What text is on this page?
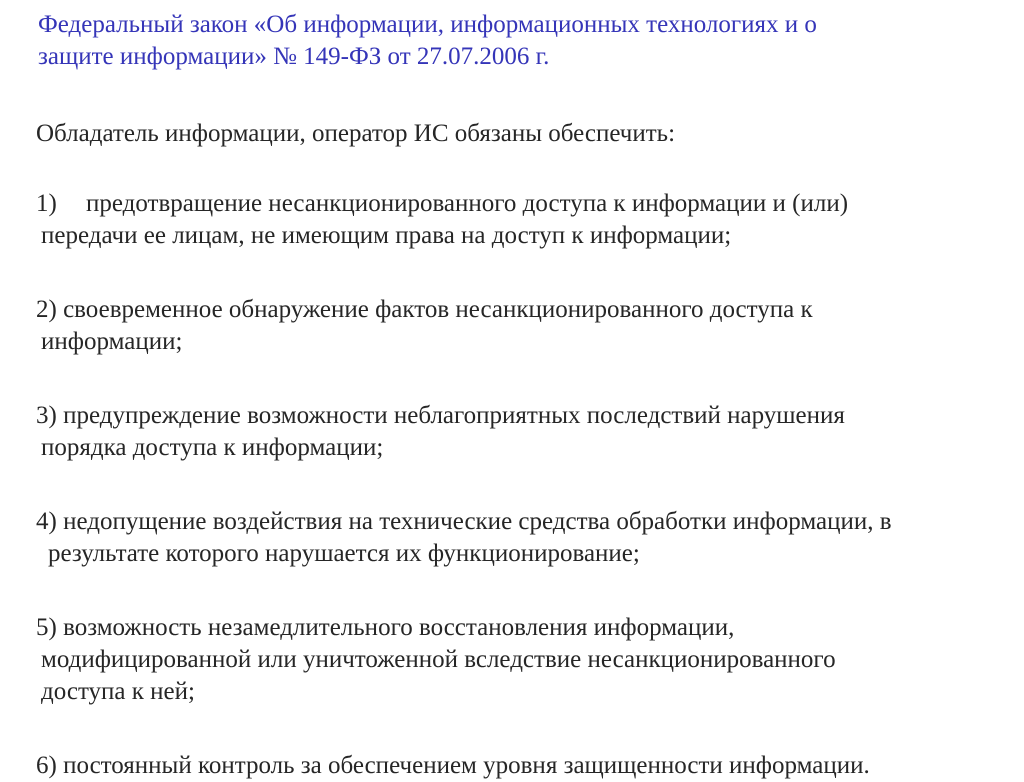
Федеральный закон «Об информации, информационных технологиях и о
защите информации» № 149-ФЗ от 27.07.2006 г.
Обладатель информации, оператор ИС обязаны обеспечить:
1) предотвращение несанкционированного доступа к информации и (или)
передачи ее лицам, не имеющим права на доступ к информации;
2) своевременное обнаружение фактов несанкционированного доступа к
информации;
3) предупреждение возможности неблагоприятных последствий нарушения
порядка доступа к информации;
4) недопущение воздействия на технические средства обработки информации, в
результате которого нарушается их функционирование;
5) возможность незамедлительного восстановления информации,
модифицированной или уничтоженной вследствие несанкционированного
доступа к ней;
6) постоянный контроль за обеспечением уровня защищенности информации.
